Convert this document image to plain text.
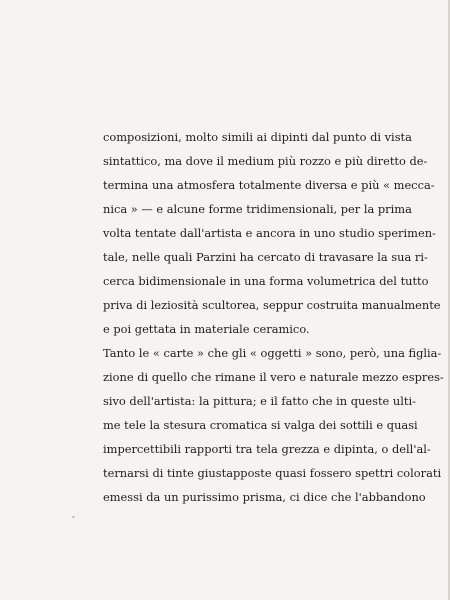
composizioni, molto simili ai dipinti dal punto di vista
sintattico, ma dove il medium più rozzo e più diretto de-
termina una atmosfera totalmente diversa e più « mecca-
nica » — e alcune forme tridimensionali, per la prima
volta tentate dall'artista e ancora in uno studio sperimen-
tale, nelle quali Parzini ha cercato di travasare la sua ri-
cerca bidimensionale in una forma volumetrica del tutto
priva di leziosità scultorea, seppur costruita manualmente
e poi gettata in materiale ceramico.
Tanto le « carte » che gli « oggetti » sono, però, una figlia-
zione di quello che rimane il vero e naturale mezzo espres-
sivo dell'artista: la pittura; e il fatto che in queste ulti-
me tele la stesura cromatica si valga dei sottili e quasi
impercettibili rapporti tra tela grezza e dipinta, o dell'al-
ternarsi di tinte giustapposte quasi fossero spettri colorati
emessi da un purissimo prisma, ci dice che l'abbandono
